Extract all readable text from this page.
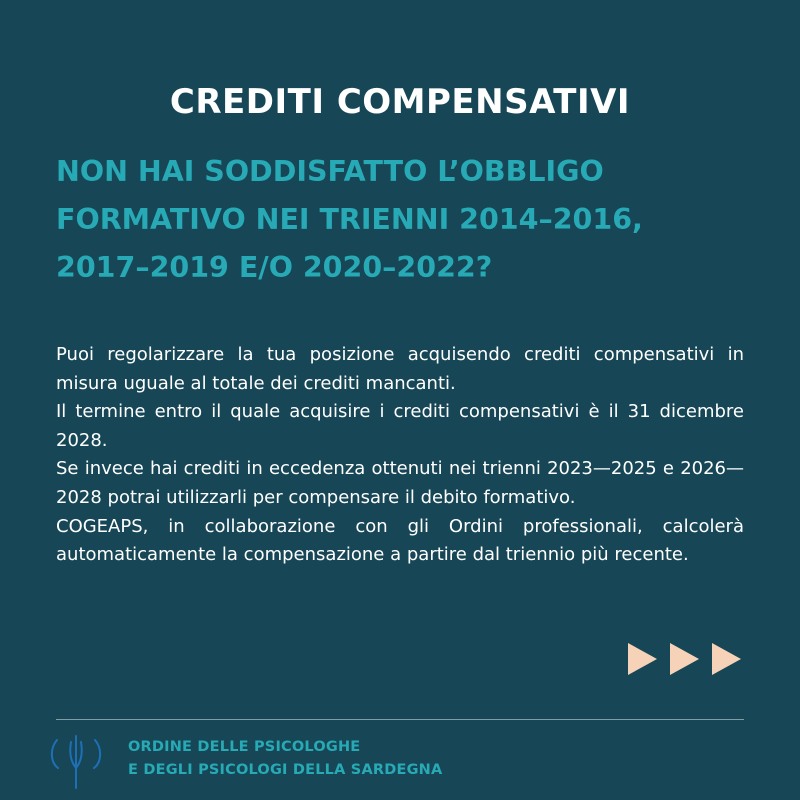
CREDITI COMPENSATIVI
NON HAI SODDISFATTO L’OBBLIGO
FORMATIVO NEI TRIENNI 2014–2016,
2017–2019 E/O 2020–2022?

Puoi regolarizzare la tua posizione acquisendo crediti compensativi in misura uguale al totale dei crediti mancanti.

Il termine entro il quale acquisire i crediti compensativi è il 31 dicembre 2028.

Se invece hai crediti in eccedenza ottenuti nei trienni 2023—2025 e 2026—2028 potrai utilizzarli per compensare il debito formativo.

COGEAPS, in collaborazione con gli Ordini professionali, calcolerà automaticamente la compensazione a partire dal triennio più recente.

ORDINE DELLE PSICOLOGHE
E DEGLI PSICOLOGI DELLA SARDEGNA
